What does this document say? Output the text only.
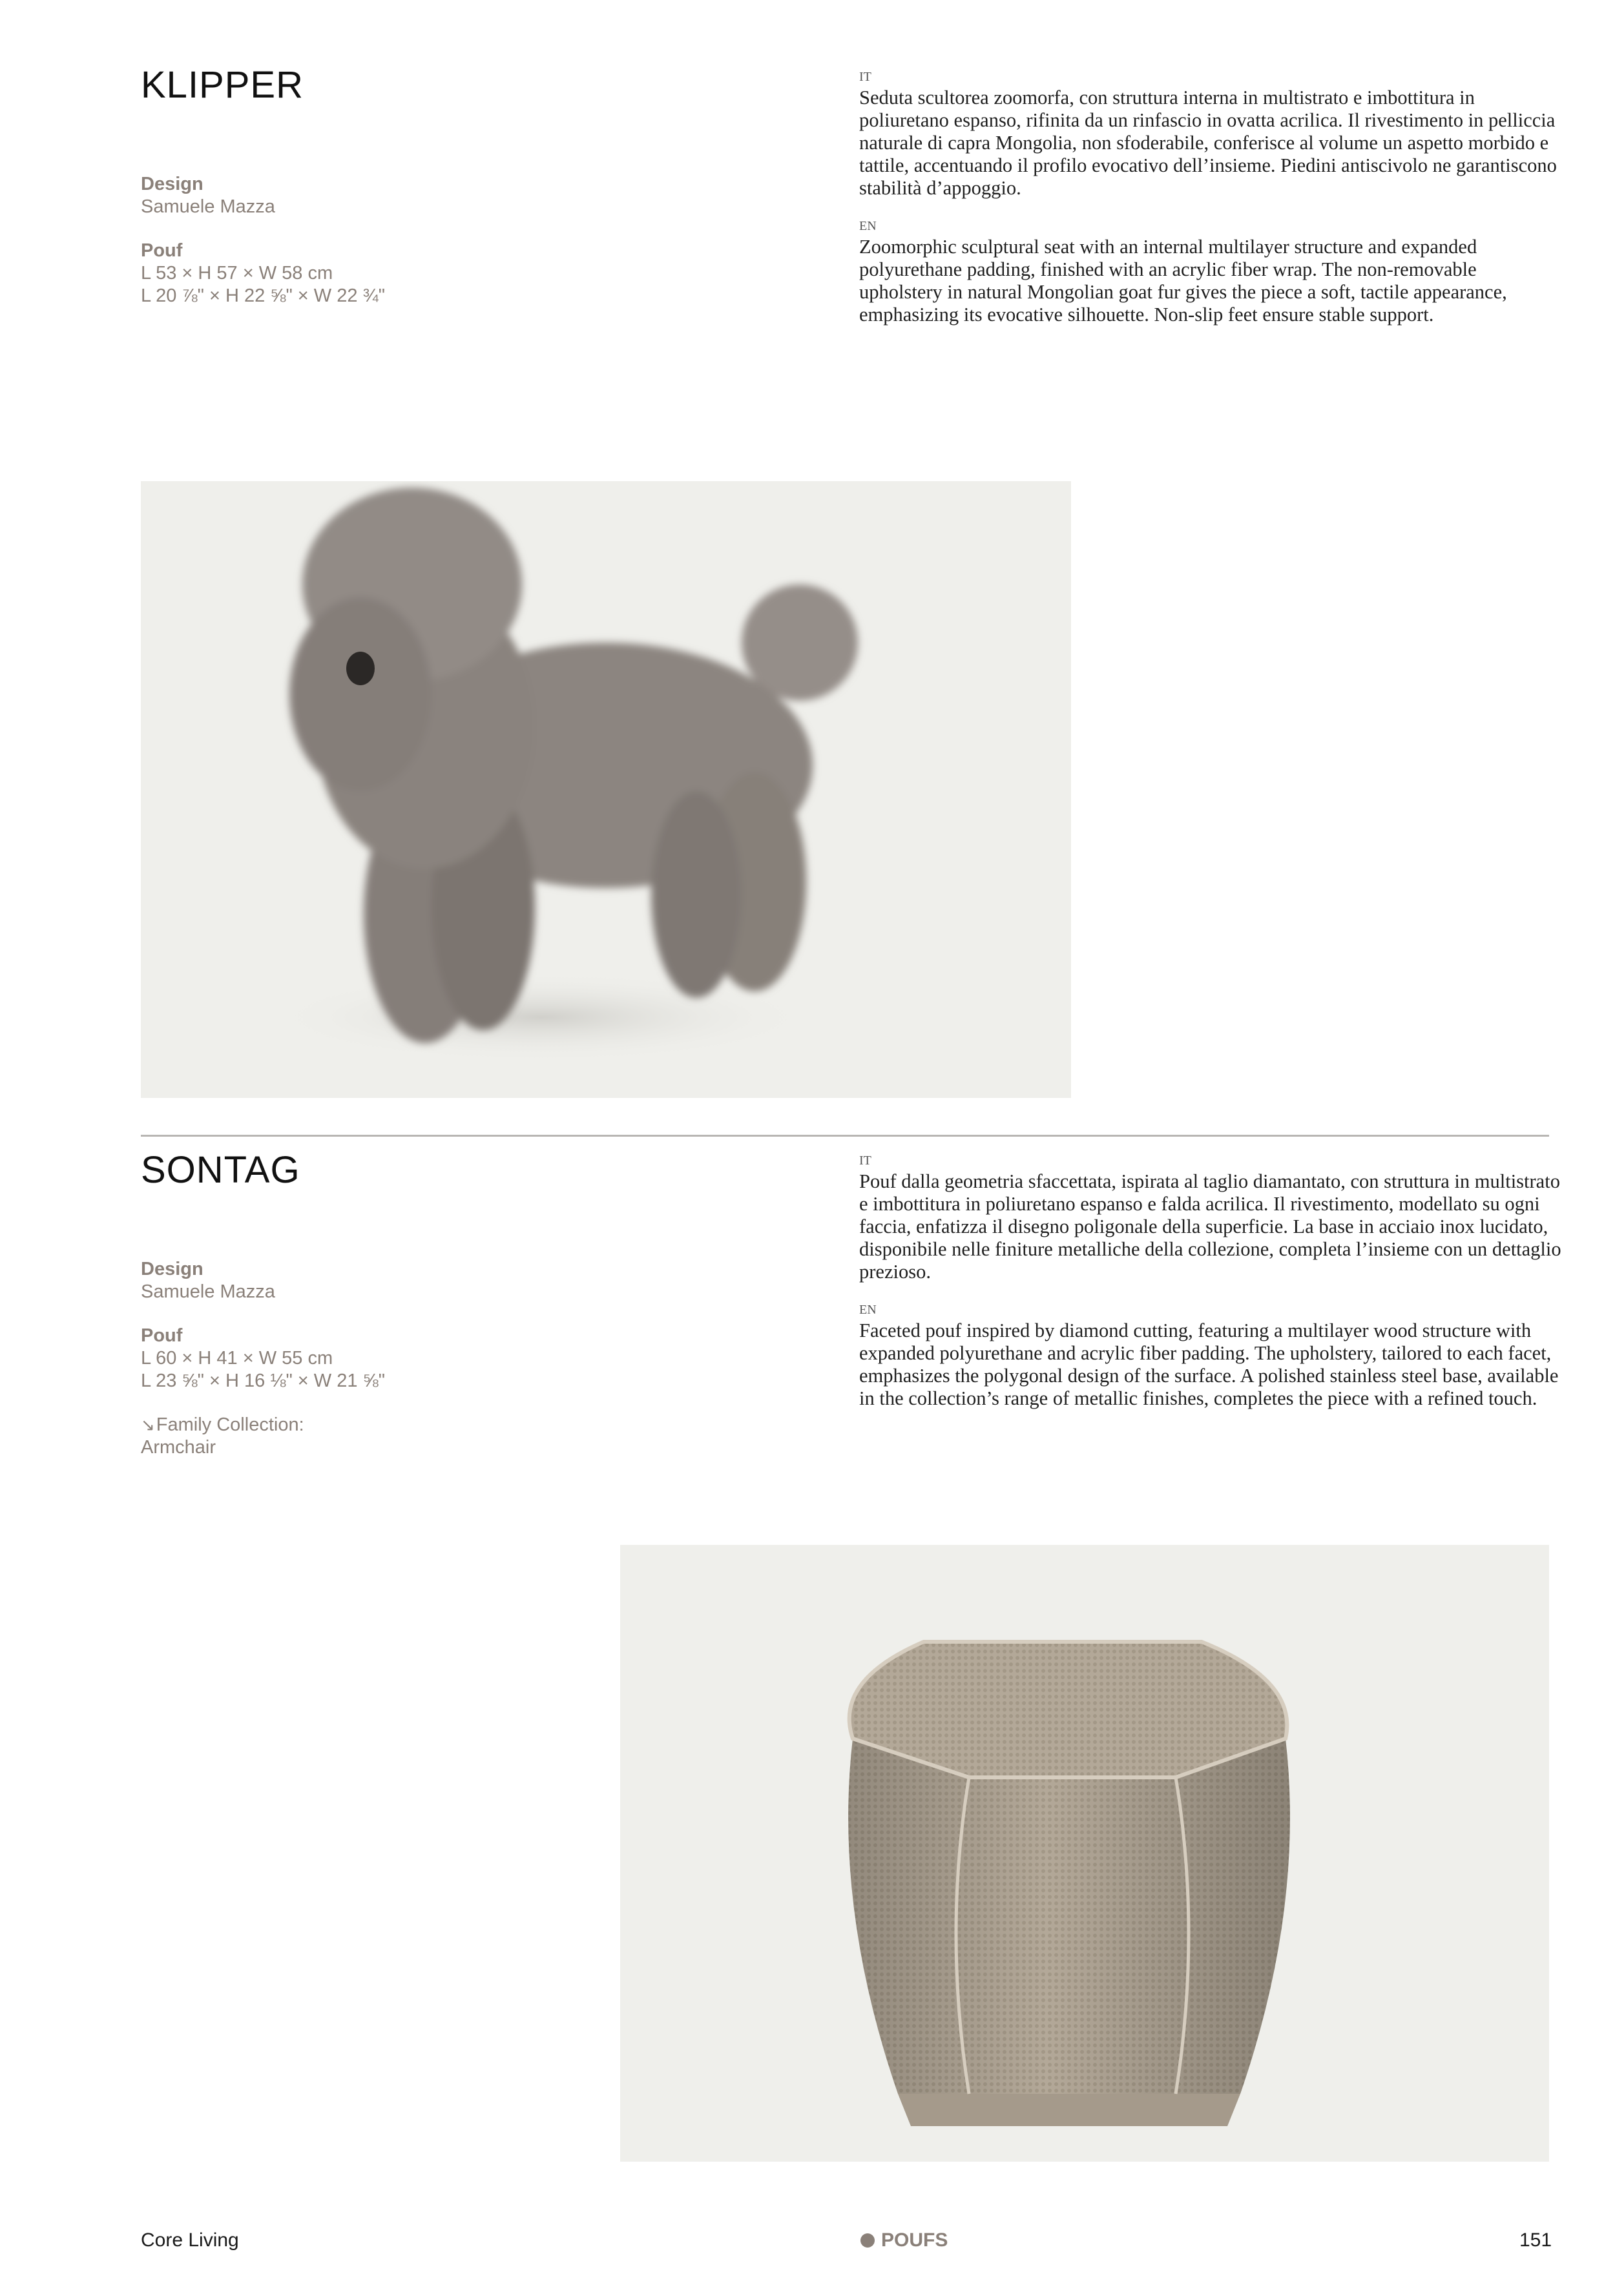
KLIPPER
Design
Samuele Mazza
Pouf
L 53 × H 57 × W 58 cm
L 20 ⅞" × H 22 ⅝" × W 22 ¾"
IT

Seduta scultorea zoomorfa, con struttura interna in multistrato e imbottitura in poliuretano espanso, rifinita da un rinfascio in ovatta acrilica. Il rivestimento in pelliccia naturale di capra Mongolia, non sfoderabile, conferisce al volume un aspetto morbido e tattile, accentuando il profilo evocativo dell’insieme. Piedini antiscivolo ne garantiscono stabilità d’appoggio.

EN

Zoomorphic sculptural seat with an internal multilayer structure and expanded polyurethane padding, finished with an acrylic fiber wrap. The non-removable upholstery in natural Mongolian goat fur gives the piece a soft, tactile appearance, emphasizing its evocative silhouette. Non-slip feet ensure stable support.

SONTAG
Design
Samuele Mazza
Pouf
L 60 × H 41 × W 55 cm
L 23 ⅝" × H 16 ⅛" × W 21 ⅝"
↘Family Collection:
Armchair
IT

Pouf dalla geometria sfaccettata, ispirata al taglio diamantato, con struttura in multistrato e imbottitura in poliuretano espanso e falda acrilica. Il rivestimento, modellato su ogni faccia, enfatizza il disegno poligonale della superficie. La base in acciaio inox lucidato, disponibile nelle finiture metalliche della collezione, completa l’insieme con un dettaglio prezioso.

EN

Faceted pouf inspired by diamond cutting, featuring a multilayer wood structure with expanded polyurethane and acrylic fiber padding. The upholstery, tailored to each facet, emphasizes the polygonal design of the surface. A polished stainless steel base, available in the collection’s range of metallic finishes, completes the piece with a refined touch.

Core Living	POUFS	151
